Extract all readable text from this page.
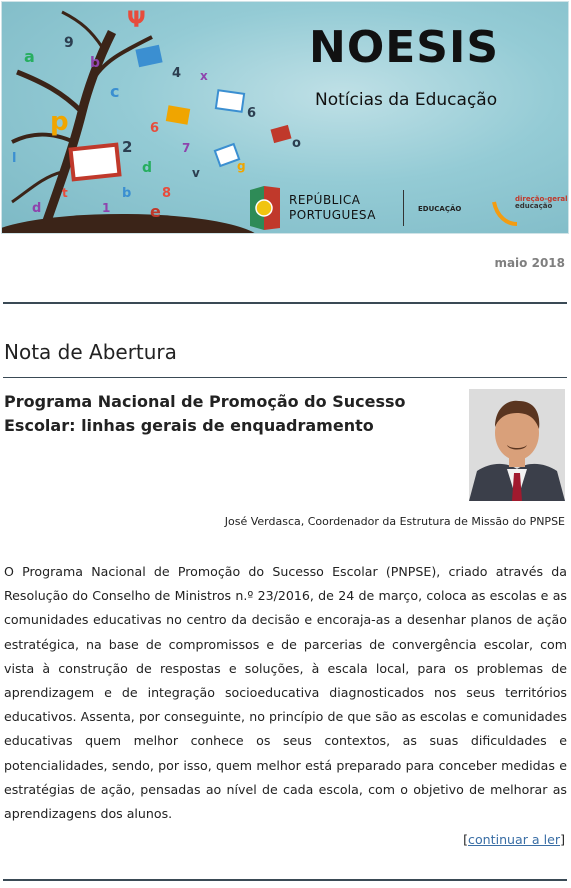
Ψ
9
b
a
4 x
c
p	6
2	7
6
d
8
b
1 e
v	g
o
l
t
d
NOESIS
Notícias da Educação
REPÚBLICA
PORTUGUESA	EDUCAÇÃO
direção-geral
educação
maio 2018
Nota de Abertura
Programa Nacional de Promoção do Sucesso Escolar: linhas gerais de enquadramento
José Verdasca, Coordenador da Estrutura de Missão do PNPSE
O Programa Nacional de Promoção do Sucesso Escolar (PNPSE), criado através da Resolução do Conselho de Ministros n.º 23/2016, de 24 de março, coloca as escolas e as comunidades educativas no centro da decisão e encoraja-as a desenhar planos de ação estratégica, na base de compromissos e de parcerias de convergência escolar, com vista à construção de respostas e soluções, à escala local, para os problemas de aprendizagem e de integração socioeducativa diagnosticados nos seus territórios educativos. Assenta, por conseguinte, no princípio de que são as escolas e comunidades educativas quem melhor conhece os seus contextos, as suas dificuldades e potencialidades, sendo, por isso, quem melhor está preparado para conceber medidas e estratégias de ação, pensadas ao nível de cada escola, com o objetivo de melhorar as aprendizagens dos alunos.
[continuar a ler]
